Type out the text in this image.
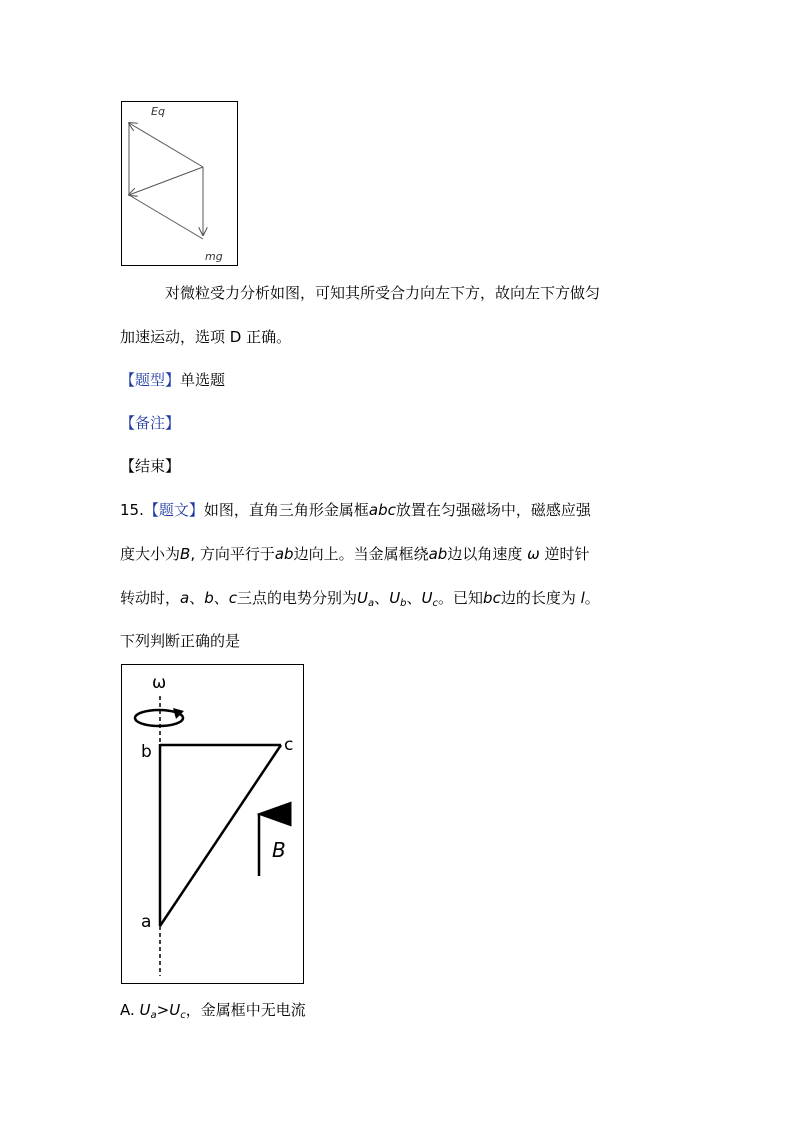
Eq
mg
对微粒受力分析如图，可知其所受合力向左下方，故向左下方做匀
加速运动，选项 D 正确。
【题型】单选题
【备注】
【结束】
15.【题文】如图，直角三角形金属框abc放置在匀强磁场中，磁感应强
度大小为B, 方向平行于ab边向上。当金属框绕ab边以角速度 ω 逆时针
转动时，a、b、c三点的电势分别为$U_a$、$U_b$、$U_c$。已知bc边的长度为 l。
下列判断正确的是
ω
b	c
a
B
A. $U_a>U_c$，金属框中无电流
